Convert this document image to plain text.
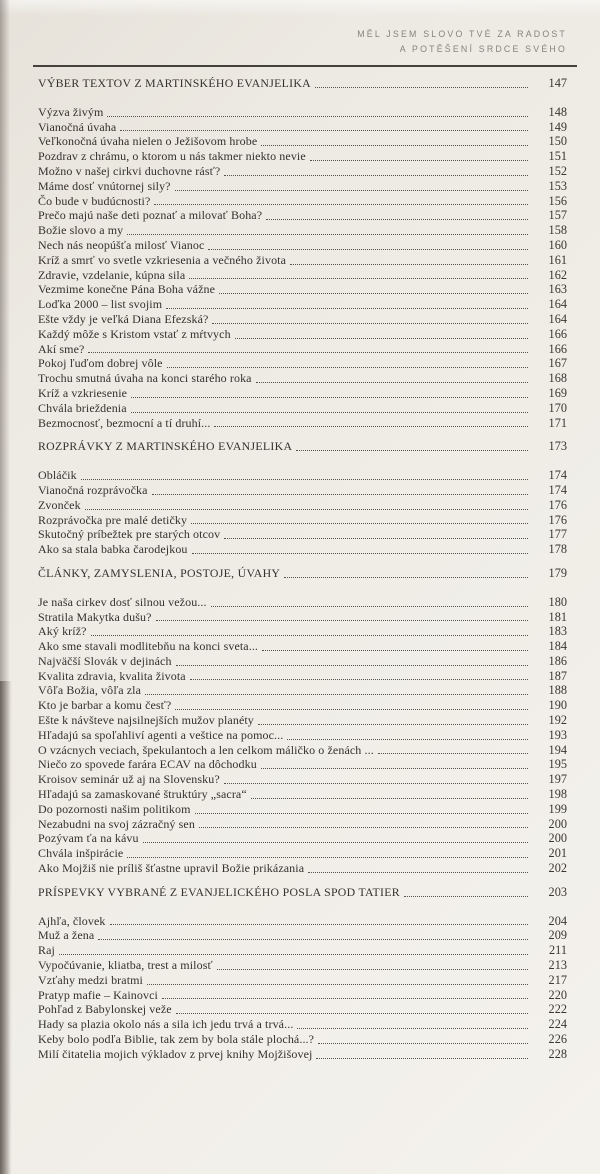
MĚL JSEM SLOVO TVÉ ZA RADOST
A POTĚŠENÍ SRDCE SVÉHO
VÝBER TEXTOV Z MARTINSKÉHO EVANJELIKA	147
Výzva živým	148
Vianočná úvaha	149
Veľkonočná úvaha nielen o Ježišovom hrobe	150
Pozdrav z chrámu, o ktorom u nás takmer niekto nevie	151
Možno v našej cirkvi duchovne rásť?	152
Máme dosť vnútornej sily?	153
Čo bude v budúcnosti?	156
Prečo majú naše deti poznať a milovať Boha?	157
Božie slovo a my	158
Nech nás neopúšťa milosť Vianoc	160
Kríž a smrť vo svetle vzkriesenia a večného života	161
Zdravie, vzdelanie, kúpna sila	162
Vezmime konečne Pána Boha vážne	163
Loďka 2000 – list svojim	164
Ešte vždy je veľká Diana Efezská?	164
Každý môže s Kristom vstať z mŕtvych	166
Akí sme?	166
Pokoj ľuďom dobrej vôle	167
Trochu smutná úvaha na konci starého roka	168
Kríž a vzkriesenie	169
Chvála brieždenia	170
Bezmocnosť, bezmocní a tí druhí...	171
ROZPRÁVKY Z MARTINSKÉHO EVANJELIKA	173
Obláčik	174
Vianočná rozprávočka	174
Zvonček	176
Rozprávočka pre malé detičky	176
Skutočný príbežtek pre starých otcov	177
Ako sa stala babka čarodejkou	178
ČLÁNKY, ZAMYSLENIA, POSTOJE, ÚVAHY	179
Je naša cirkev dosť silnou vežou...	180
Stratila Makytka dušu?	181
Aký kríž?	183
Ako sme stavali modlitebňu na konci sveta...	184
Najväčší Slovák v dejinách	186
Kvalita zdravia, kvalita života	187
Vôľa Božia, vôľa zla	188
Kto je barbar a komu česť?	190
Ešte k návšteve najsilnejších mužov planéty	192
Hľadajú sa spoľahliví agenti a veštice na pomoc...	193
O vzácnych veciach, špekulantoch a len celkom máličko o ženách ...	194
Niečo zo spovede farára ECAV na dôchodku	195
Kroisov seminár už aj na Slovensku?	197
Hľadajú sa zamaskované štruktúry „sacra“	198
Do pozornosti našim politikom	199
Nezabudni na svoj zázračný sen	200
Pozývam ťa na kávu	200
Chvála inšpirácie	201
Ako Mojžiš nie príliš šťastne upravil Božie prikázania	202
PRÍSPEVKY VYBRANÉ Z EVANJELICKÉHO POSLA SPOD TATIER	203
Ajhľa, človek	204
Muž a žena	209
Raj	211
Vypočúvanie, kliatba, trest a milosť	213
Vzťahy medzi bratmi	217
Pratyp mafie – Kainovci	220
Pohľad z Babylonskej veže	222
Hady sa plazia okolo nás a sila ich jedu trvá a trvá...	224
Keby bolo podľa Biblie, tak zem by bola stále plochá...?	226
Milí čitatelia mojich výkladov z prvej knihy Mojžišovej	228
